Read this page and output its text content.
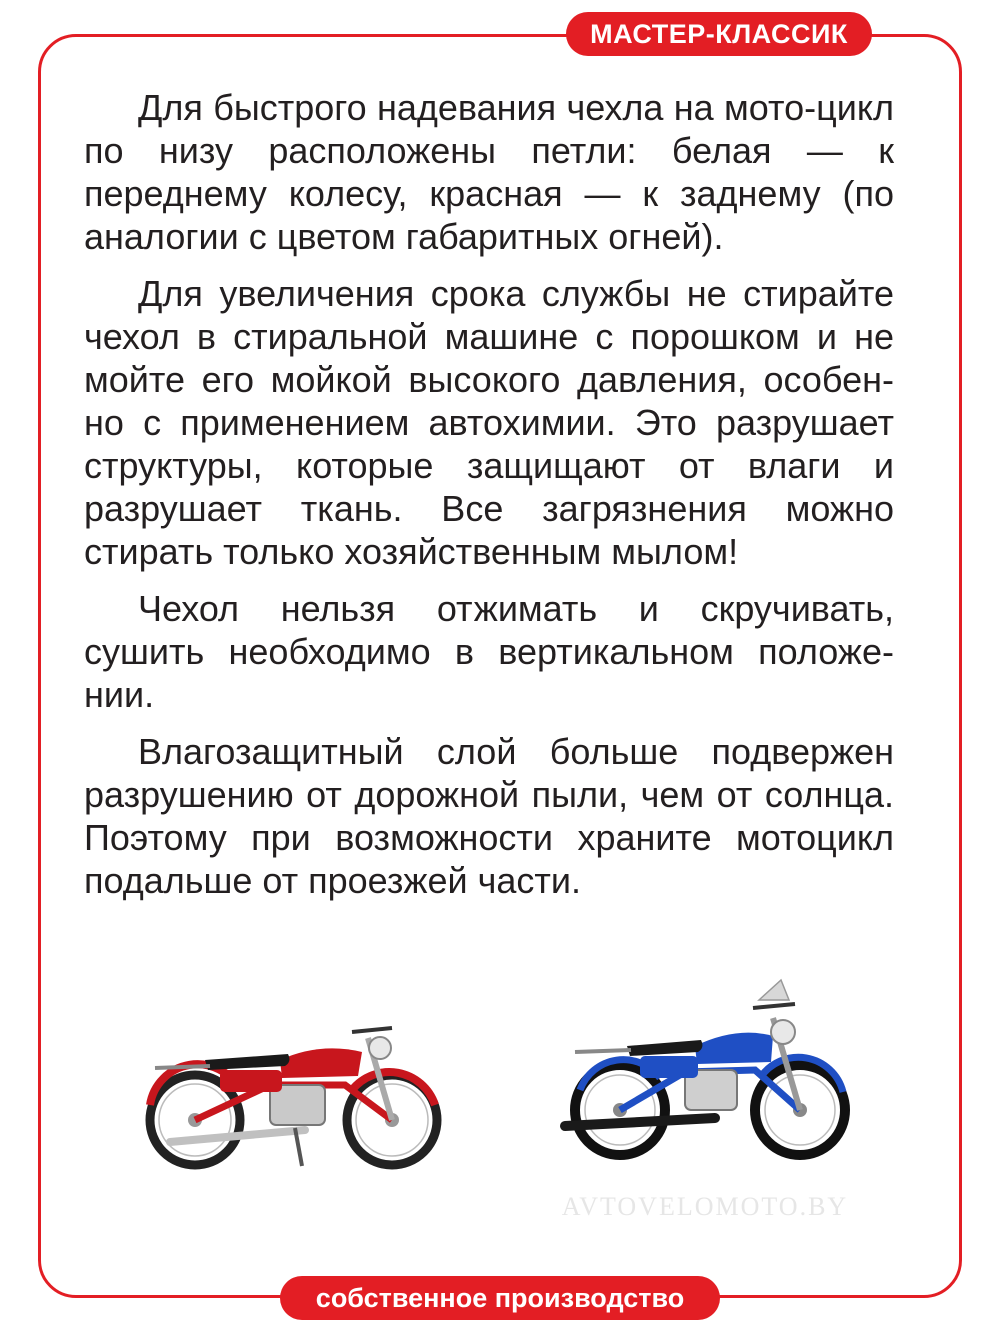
МАСТЕР-КЛАССИК

Для быстрого надевания чехла на мото-цикл по низу расположены петли: белая — к переднему колесу, красная — к заднему (по аналогии с цветом габаритных огней).

Для увеличения срока службы не стирайте чехол в стиральной машине с порошком и не мойте его мойкой высокого давления, особен-но с применением автохимии. Это разрушает структуры, которые защищают от влаги и разрушает ткань. Все загрязнения можно стирать только хозяйственным мылом!

Чехол нельзя отжимать и скручивать, сушить необходимо в вертикальном положе-нии.

Влагозащитный слой больше подвержен разрушению от дорожной пыли, чем от солнца. Поэтому при возможности храните мотоцикл подальше от проезжей части.

AVTOVELOMOTO.BY
собственное производство
